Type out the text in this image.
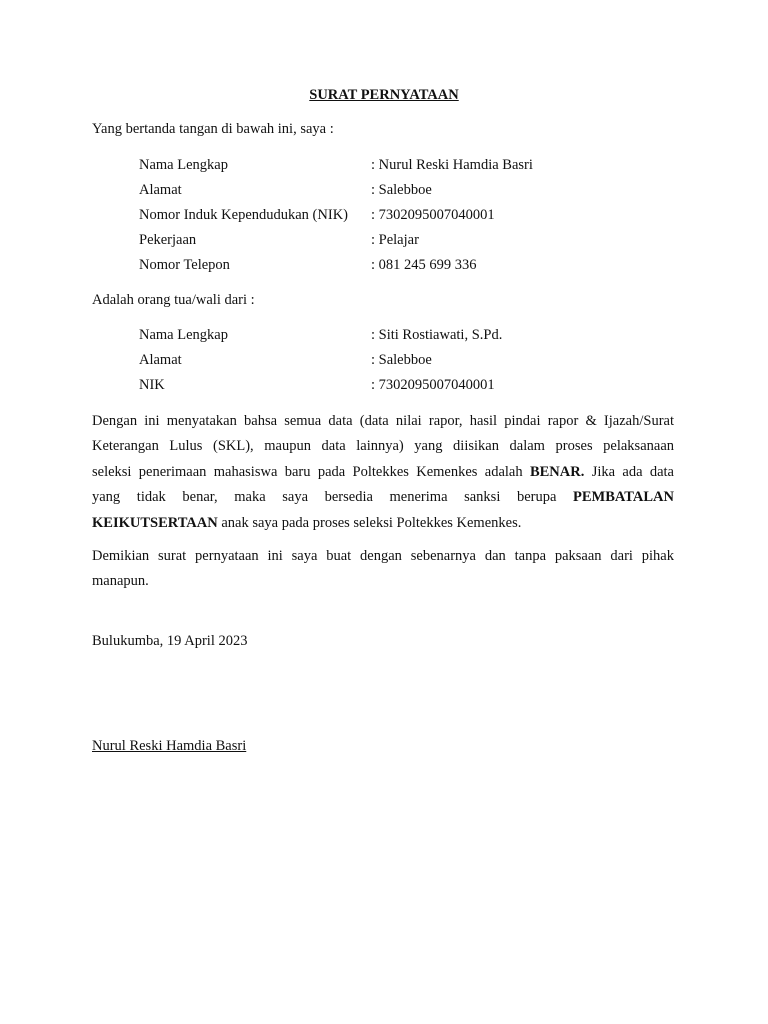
SURAT PERNYATAAN
Yang bertanda tangan di bawah ini, saya :
Nama Lengkap	: Nurul Reski Hamdia Basri
Alamat	: Salebboe
Nomor Induk Kependudukan (NIK) : 7302095007040001
Pekerjaan	: Pelajar
Nomor Telepon	: 081 245 699 336
Adalah orang tua/wali dari :
Nama Lengkap	: Siti Rostiawati, S.Pd.
Alamat	: Salebboe
NIK	: 7302095007040001
Dengan ini menyatakan bahsa semua data (data nilai rapor, hasil pindai rapor & Ijazah/Surat
Keterangan Lulus (SKL), maupun data lainnya) yang diisikan dalam proses pelaksanaan
seleksi penerimaan mahasiswa baru pada Poltekkes Kemenkes adalah BENAR. Jika ada data
yang tidak benar, maka saya bersedia menerima sanksi berupa PEMBATALAN
KEIKUTSERTAAN anak saya pada proses seleksi Poltekkes Kemenkes.
Demikian surat pernyataan ini saya buat dengan sebenarnya dan tanpa paksaan dari pihak
manapun.
Bulukumba, 19 April 2023
Nurul Reski Hamdia Basri
